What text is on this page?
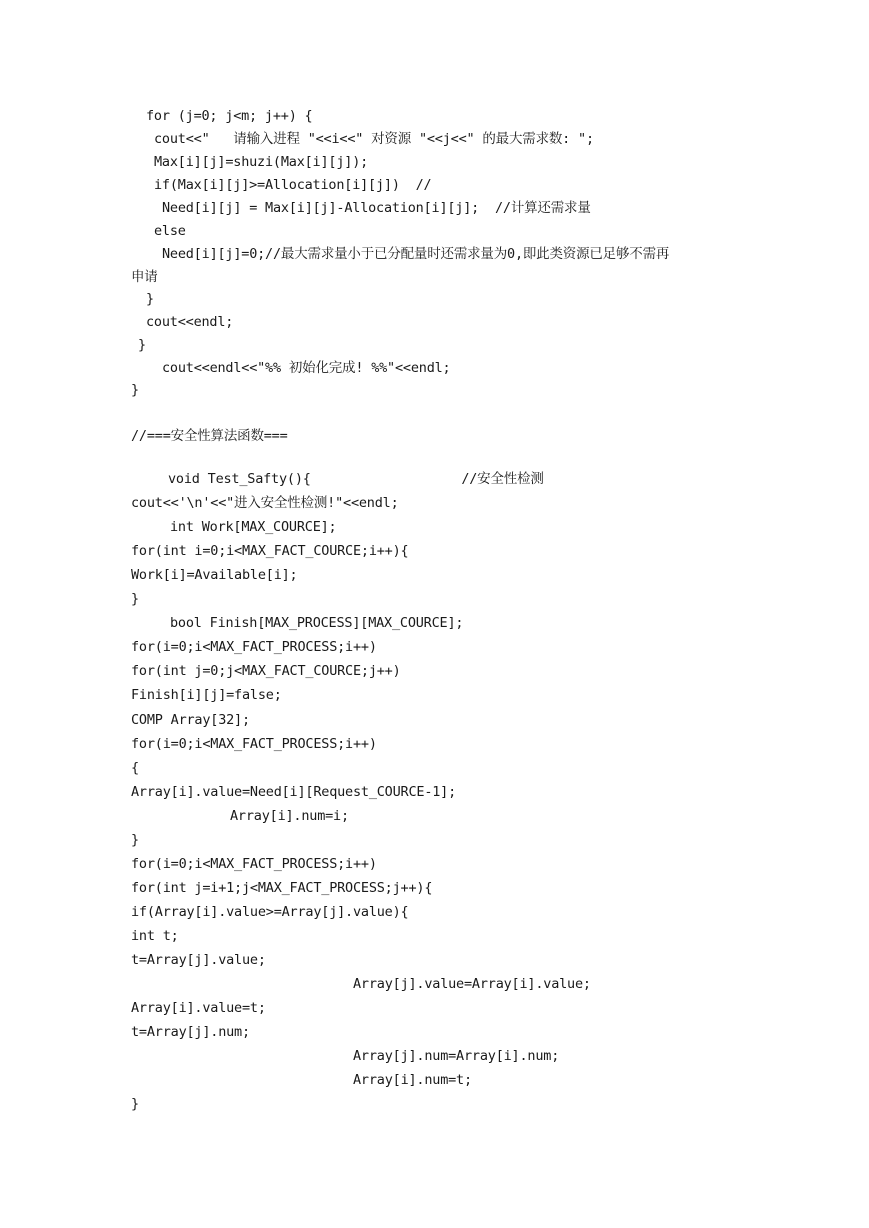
for (j=0; j<m; j++) {
cout<<"   请输入进程 "<<i<<" 对资源 "<<j<<" 的最大需求数: ";
Max[i][j]=shuzi(Max[i][j]);
if(Max[i][j]>=Allocation[i][j])  //
Need[i][j] = Max[i][j]-Allocation[i][j];  //计算还需求量
else
Need[i][j]=0;//最大需求量小于已分配量时还需求量为0,即此类资源已足够不需再
申请
}
cout<<endl;
}
cout<<endl<<"%% 初始化完成! %%"<<endl;
}
//===安全性算法函数===
void Test_Safty(){                   //安全性检测
cout<<'\n'<<"进入安全性检测!"<<endl;
int Work[MAX_COURCE];
for(int i=0;i<MAX_FACT_COURCE;i++){
Work[i]=Available[i];
}
bool Finish[MAX_PROCESS][MAX_COURCE];
for(i=0;i<MAX_FACT_PROCESS;i++)
for(int j=0;j<MAX_FACT_COURCE;j++)
Finish[i][j]=false;
COMP Array[32];
for(i=0;i<MAX_FACT_PROCESS;i++)
{
Array[i].value=Need[i][Request_COURCE-1];
Array[i].num=i;
}
for(i=0;i<MAX_FACT_PROCESS;i++)
for(int j=i+1;j<MAX_FACT_PROCESS;j++){
if(Array[i].value>=Array[j].value){
int t;
t=Array[j].value;
Array[j].value=Array[i].value;
Array[i].value=t;
t=Array[j].num;
Array[j].num=Array[i].num;
Array[i].num=t;
}
